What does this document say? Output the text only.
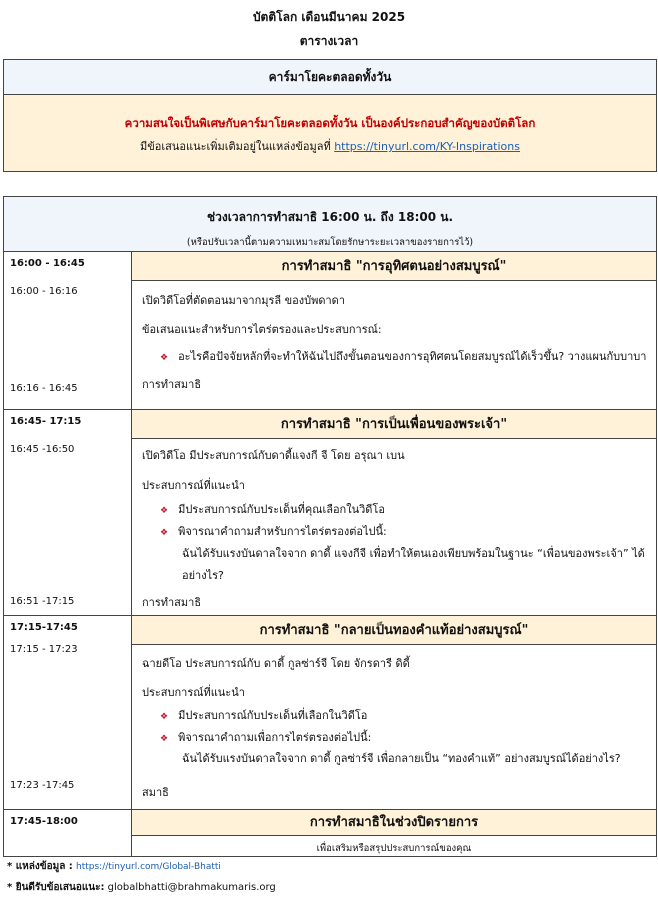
บัตติโลก เดือนมีนาคม 2025
ตารางเวลา
คาร์มาโยคะตลอดทั้งวัน
ความสนใจเป็นพิเศษกับคาร์มาโยคะตลอดทั้งวัน เป็นองค์ประกอบสำคัญของบัตติโลก
มีข้อเสนอแนะเพิ่มเติมอยู่ในแหล่งข้อมูลที่ https://tinyurl.com/KY-Inspirations
ช่วงเวลาการทำสมาธิ 16:00 น. ถึง 18:00 น.
(หรือปรับเวลานี้ตามความเหมาะสมโดยรักษาระยะเวลาของรายการไว้)
16:00 - 16:45
16:00 - 16:16
16:16 - 16:45
การทำสมาธิ "การอุทิศตนอย่างสมบูรณ์"
เปิดวิดีโอที่ตัดตอนมาจากมุรลี ของบัพดาดา
ข้อเสนอแนะสำหรับการไตร่ตรองและประสบการณ์:
❖ อะไรคือปัจจัยหลักที่จะทำให้ฉันไปถึงขั้นตอนของการอุทิศตนโดยสมบูรณ์ได้เร็วขึ้น? วางแผนกับบาบา
การทำสมาธิ
16:45- 17:15
16:45 -16:50
16:51 -17:15
การทำสมาธิ "การเป็นเพื่อนของพระเจ้า"
เปิดวิดีโอ มีประสบการณ์กับดาดี้แจงกี จี โดย อรุณา เบน
ประสบการณ์ที่แนะนำ
❖ มีประสบการณ์กับประเด็นที่คุณเลือกในวิดีโอ
❖ พิจารณาคำถามสำหรับการไตร่ตรองต่อไปนี้:
ฉันได้รับแรงบันดาลใจจาก ดาดี้ แจงกีจี เพื่อทำให้ตนเองเพียบพร้อมในฐานะ “เพื่อนของพระเจ้า” ได้
อย่างไร?
การทำสมาธิ
17:15-17:45
17:15 - 17:23
17:23 -17:45
การทำสมาธิ "กลายเป็นทองคำแท้อย่างสมบูรณ์"
ฉายดีโอ ประสบการณ์กับ ดาดี้ กูลซ่าร์จี โดย จักรดารี ดิดี้
ประสบการณ์ที่แนะนำ
❖ มีประสบการณ์กับประเด็นที่เลือกในวิดีโอ
❖ พิจารณาคำถามเพื่อการไตร่ตรองต่อไปนี้:
ฉันได้รับแรงบันดาลใจจาก ดาดี้ กูลซ่าร์จี เพื่อกลายเป็น “ทองคำแท้” อย่างสมบูรณ์ได้อย่างไร?
สมาธิ
17:45-18:00	การทำสมาธิในช่วงปิดรายการ
เพื่อเสริมหรือสรุปประสบการณ์ของคุณ
* แหล่งข้อมูล : https://tinyurl.com/Global-Bhatti
* ยินดีรับข้อเสนอแนะ: globalbhatti@brahmakumaris.org
